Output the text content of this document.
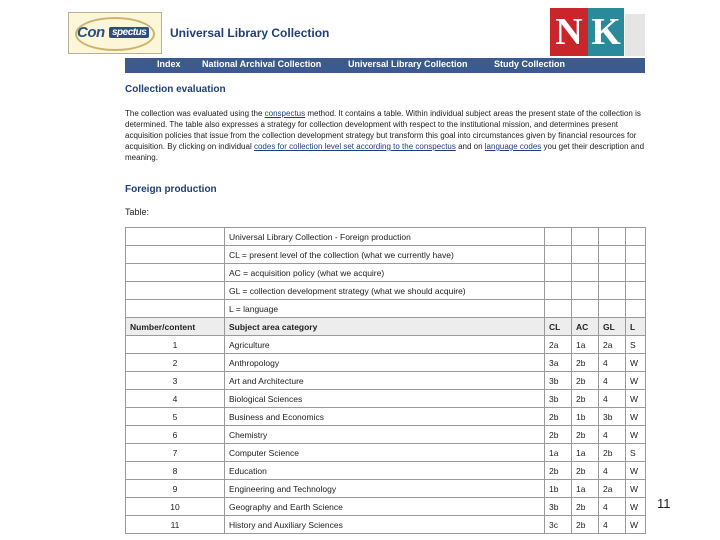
Con spectus Universal Library Collection	N K
Index National Archival Collection	Universal Library Collection	Study Collection
Collection evaluation
The collection was evaluated using the conspectus method. It contains a table. Within individual subject areas the present state of the collection is determined. The table also expresses a strategy for collection development with respect to the institutional mission, and determines present acquisition policies that issue from the collection development strategy but transform this goal into circumstances given by financial resources for acquisition. By clicking on individual codes for collection level set according to the conspectus and on language codes you get their description and meaning.
Foreign production
Table:
	Universal Library Collection - Foreign production				
	CL = present level of the collection (what we currently have)				
	AC = acquisition policy (what we acquire)				
	GL = collection development strategy (what we should acquire)				
	L = language				
Number/content	Subject area category	CL	AC	GL	L
1	Agriculture	2a	1a	2a	S
2	Anthropology	3a	2b	4	W
3	Art and Architecture	3b	2b	4	W
4	Biological Sciences	3b	2b	4	W
5	Business and Economics	2b	1b	3b	W
6	Chemistry	2b	2b	4	W
7	Computer Science	1a	1a	2b	S
8	Education	2b	2b	4	W
9	Engineering and Technology	1b	1a	2a	W
10	Geography and Earth Science	3b	2b	4	W
11	History and Auxiliary Sciences	3c	2b	4	W
11
